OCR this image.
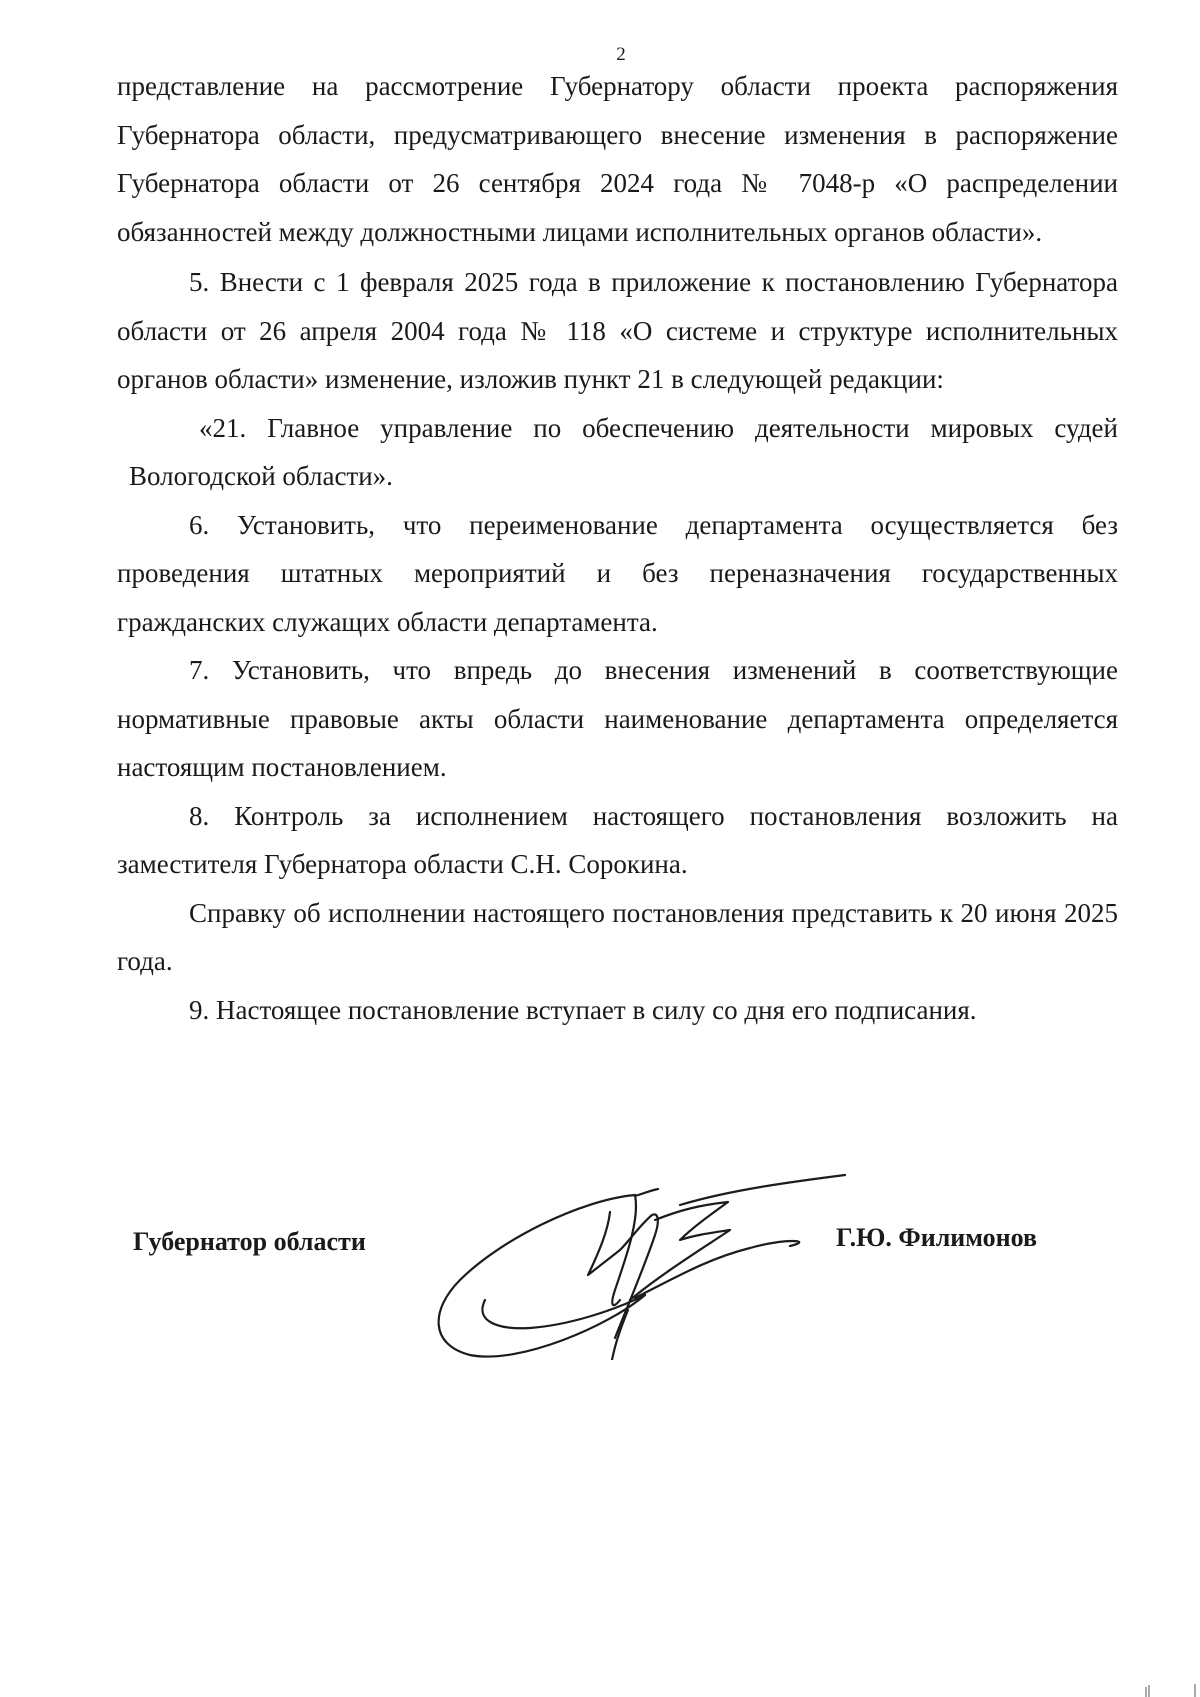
2

представление на рассмотрение Губернатору области проекта распоряжения Губернатора области, предусматривающего внесение изменения в распоряжение Губернатора области от 26 сентября 2024 года № 7048-р «О распределении обязанностей между должностными лицами исполнительных органов области».

5. Внести с 1 февраля 2025 года в приложение к постановлению Губернатора области от 26 апреля 2004 года № 118 «О системе и структуре исполнительных органов области» изменение, изложив пункт 21 в следующей редакции:

«21. Главное управление по обеспечению деятельности мировых судей Вологодской области».

6. Установить, что переименование департамента осуществляется без проведения штатных мероприятий и без переназначения государственных гражданских служащих области департамента.

7. Установить, что впредь до внесения изменений в соответствующие нормативные правовые акты области наименование департамента определяется настоящим постановлением.

8. Контроль за исполнением настоящего постановления возложить на заместителя Губернатора области С.Н. Сорокина.

Справку об исполнении настоящего постановления представить к 20 июня 2025 года.

9. Настоящее постановление вступает в силу со дня его подписания.

Губернатор области	Г.Ю. Филимонов
